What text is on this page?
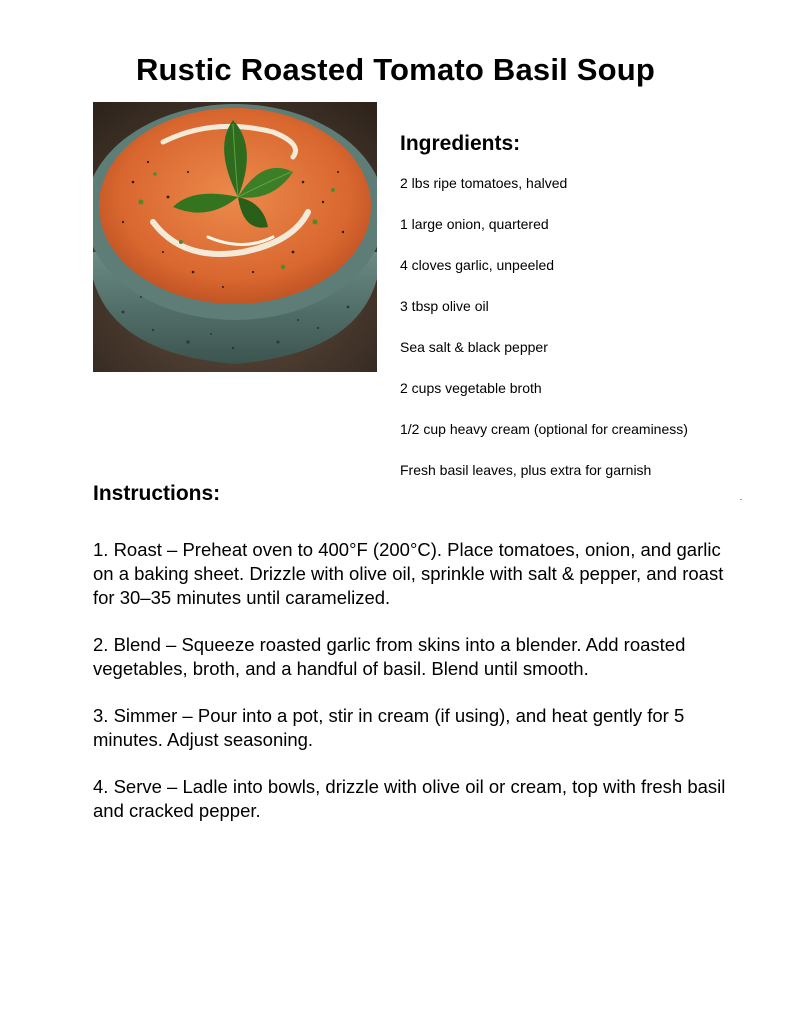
Rustic Roasted Tomato Basil Soup
Ingredients:
2 lbs ripe tomatoes, halved
1 large onion, quartered
4 cloves garlic, unpeeled
3 tbsp olive oil
Sea salt & black pepper
2 cups vegetable broth
1/2 cup heavy cream (optional for creaminess)
Fresh basil leaves, plus extra for garnish
Instructions:

1. Roast – Preheat oven to 400°F (200°C). Place tomatoes, onion, and garlic on a baking sheet. Drizzle with olive oil, sprinkle with salt & pepper, and roast for 30–35 minutes until caramelized.

2. Blend – Squeeze roasted garlic from skins into a blender. Add roasted vegetables, broth, and a handful of basil. Blend until smooth.

3. Simmer – Pour into a pot, stir in cream (if using), and heat gently for 5 minutes. Adjust seasoning.

4. Serve – Ladle into bowls, drizzle with olive oil or cream, top with fresh basil and cracked pepper.
